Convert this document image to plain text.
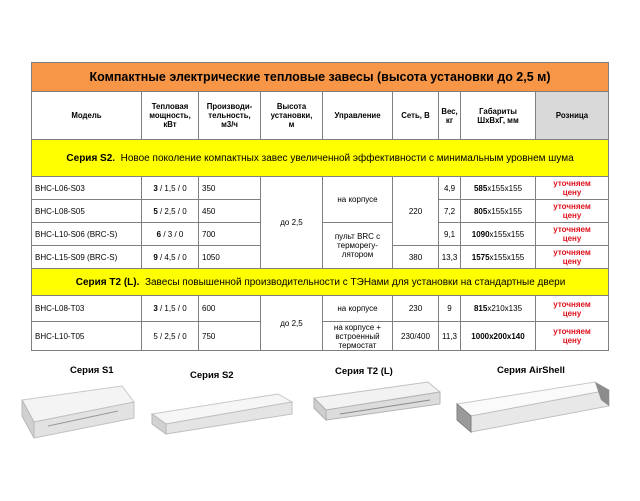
Компактные электрические тепловые завесы (высота установки до 2,5 м)								
Модель	Тепловая
мощность,
кВт	Производи-
тельность,
м3/ч	Высота
установки,
м	Управление	Сеть, В	Вес,
кг	Габариты
ШхВхГ, мм	Розница
Серия S2. Новое поколение компактных завес увеличенной эффективности с минимальным уровнем шума								
BHC-L06-S03	3 / 1,5 / 0	350	до 2,5	на корпусе	220	4,9	585x155x155	уточняем
цену
BHC-L08-S05	5 / 2,5 / 0	450				7,2	805x155x155	уточняем
цену
BHC-L10-S06 (BRC-S)	6 / 3 / 0	700		пульт BRC с
терморегу-
лятором		9,1	1090x155x155	уточняем
цену
BHC-L15-S09 (BRC-S)	9 / 4,5 / 0	1050			380	13,3	1575x155x155	уточняем
цену
Серия Т2 (L). Завесы повышенной производительности с ТЭНами для установки на стандартные двери								
BHC-L08-T03	3 / 1,5 / 0	600	до 2,5	на корпусе	230	9	815x210x135	уточняем
цену
BHC-L10-T05	5 / 2,5 / 0	750		на корпусе +
встроенный
термостат	230/400	11,3	1000x200x140	уточняем
цену
Серия S1	Серия S2	Серия Т2 (L)	Серия AirShell
